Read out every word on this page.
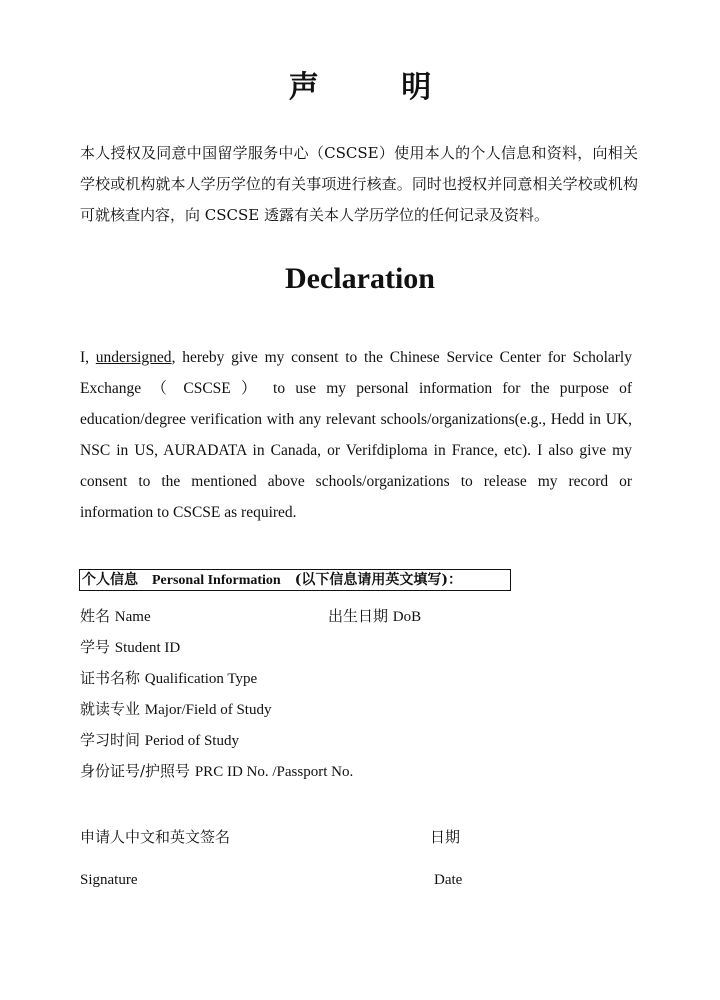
声 明
本人授权及同意中国留学服务中心（CSCSE）使用本人的个人信息和资料，向相关学校或机构就本人学历学位的有关事项进行核查。同时也授权并同意相关学校或机构可就核查内容，向 CSCSE 透露有关本人学历学位的任何记录及资料。
Declaration
I, undersigned, hereby give my consent to the Chinese Service Center for Scholarly Exchange （ CSCSE ） to use my personal information for the purpose of education/degree verification with any relevant schools/organizations(e.g., Hedd in UK, NSC in US, AURADATA in Canada, or Verifdiploma in France, etc). I also give my consent to the mentioned above schools/organizations to release my record or information to CSCSE as required.
个人信息 Personal Information (以下信息请用英文填写)：
姓名 Name	出生日期 DoB
学号 Student ID
证书名称 Qualification Type
就读专业 Major/Field of Study
学习时间 Period of Study
身份证号/护照号 PRC ID No. /Passport No.
申请人中文和英文签名	日期
Signature	Date
